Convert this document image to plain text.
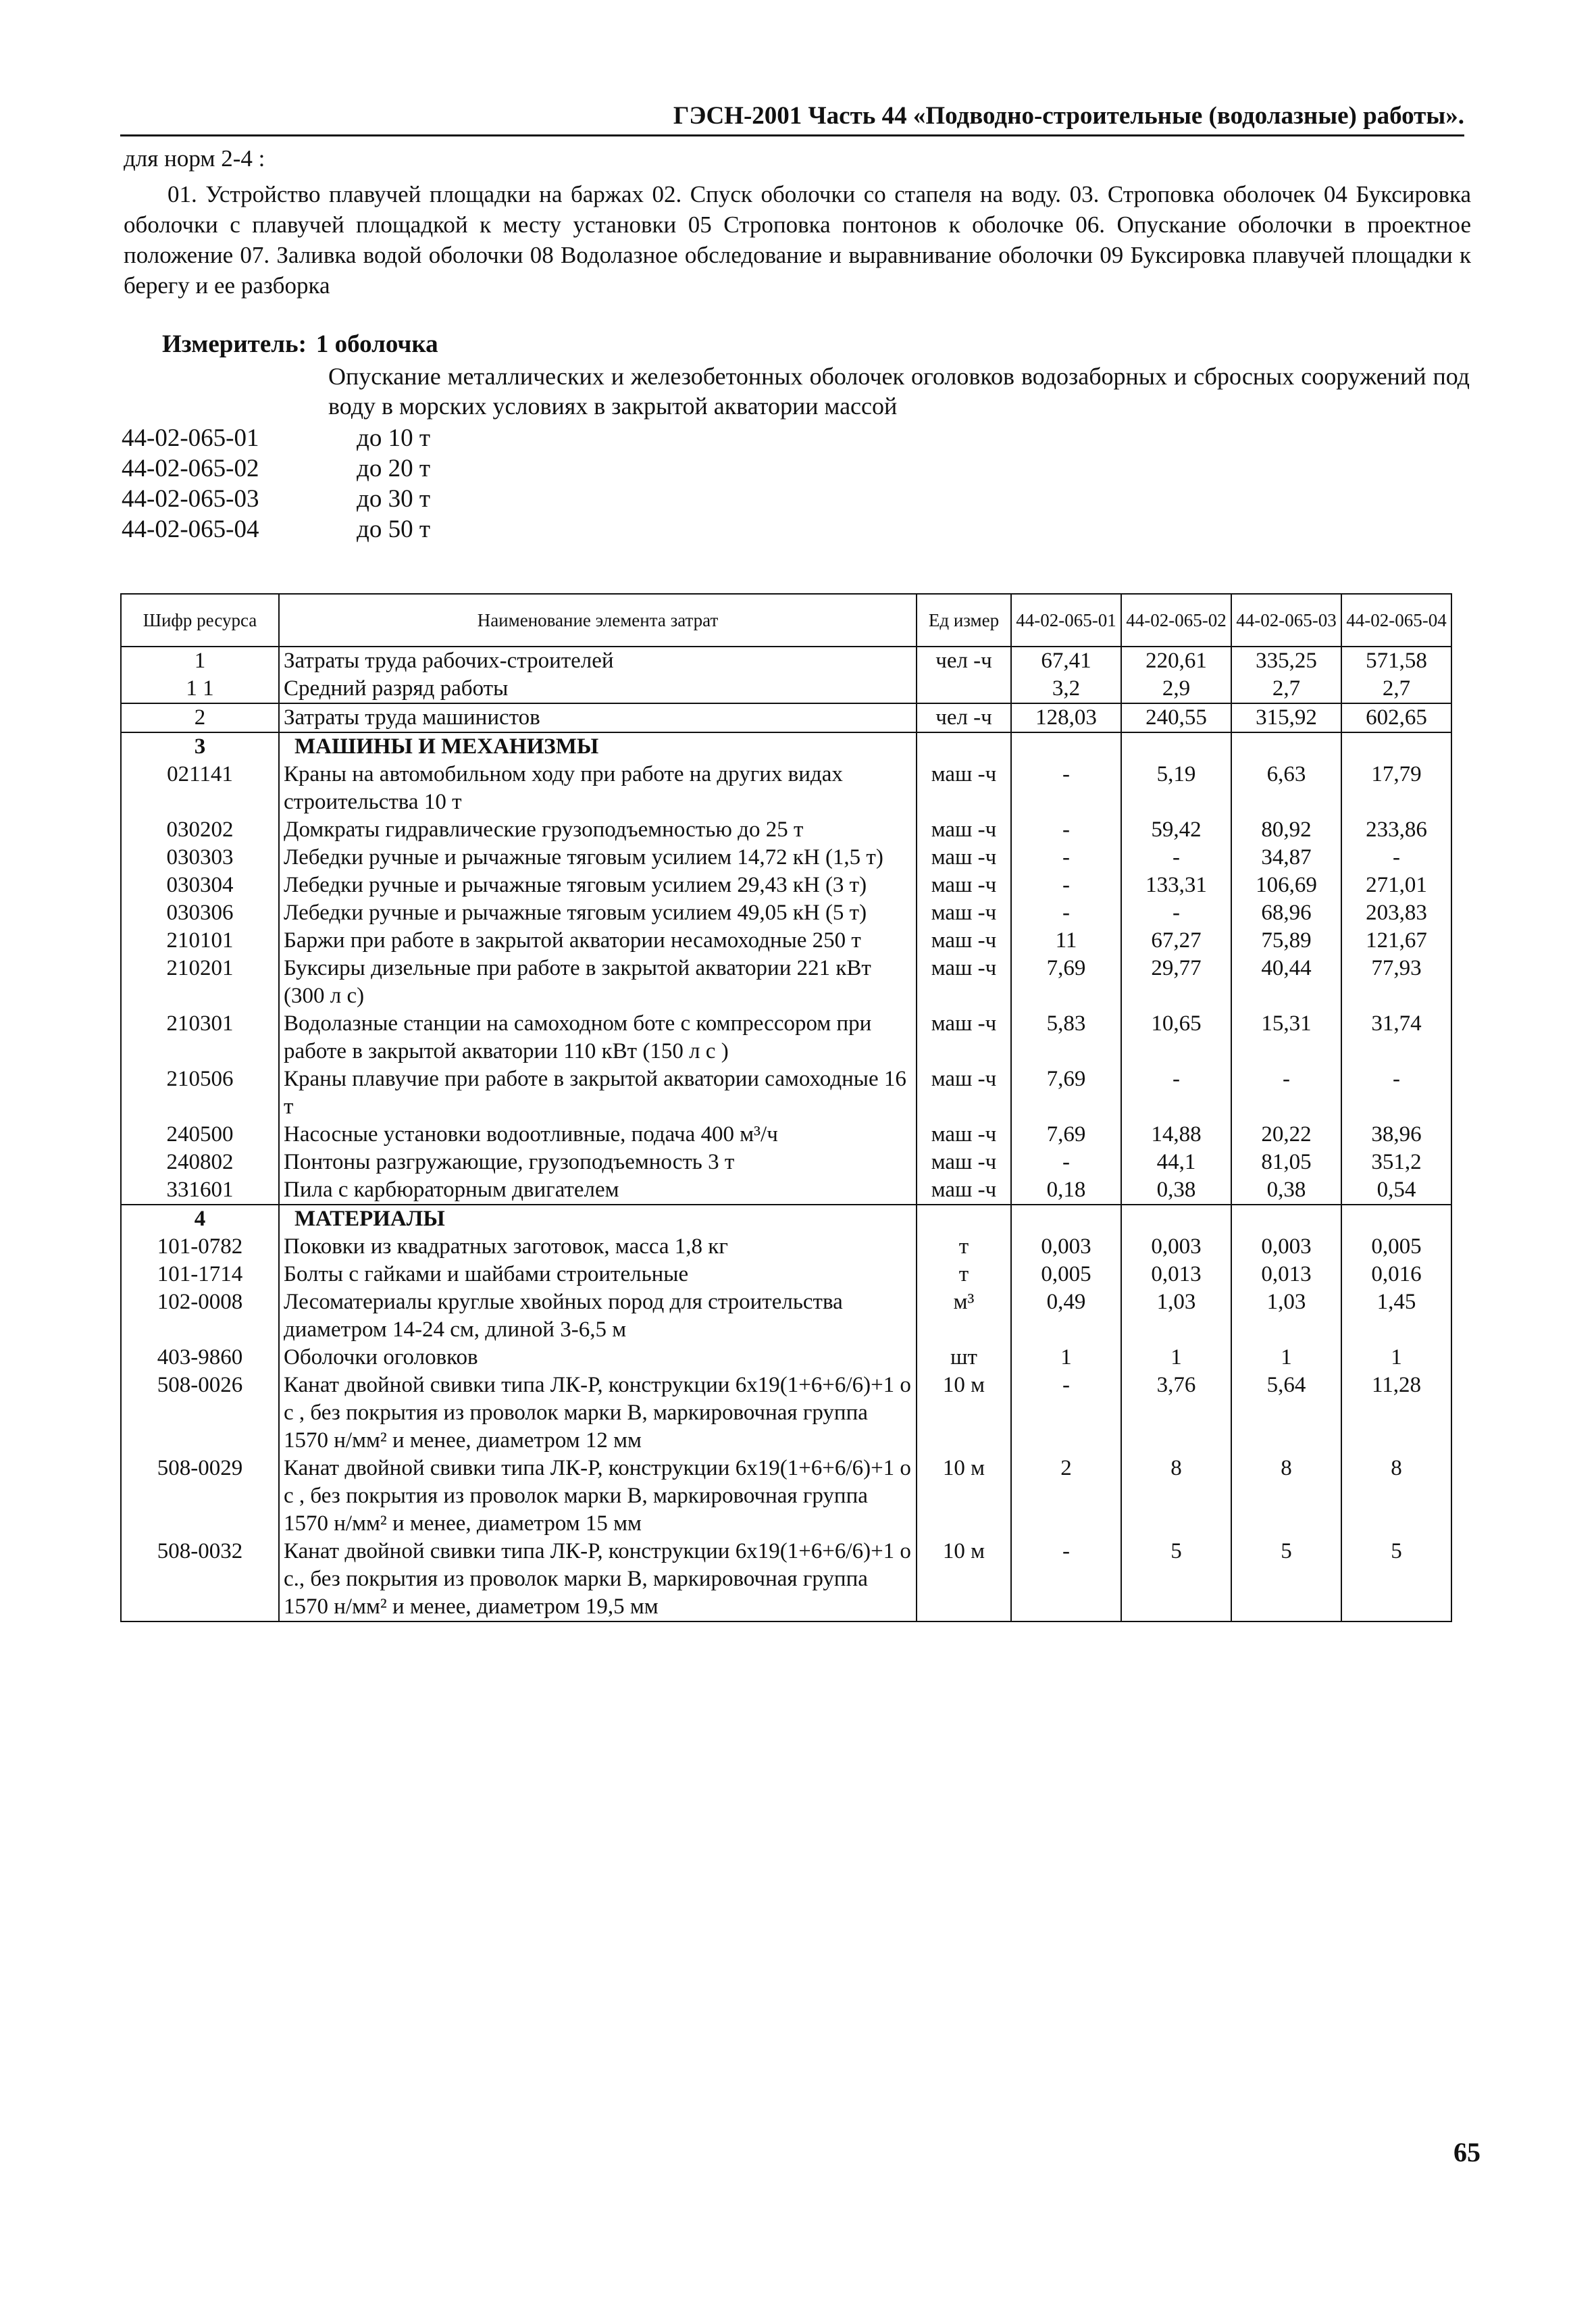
ГЭСН-2001 Часть 44 «Подводно-строительные (водолазные) работы».
для норм 2-4 :
01. Устройство плавучей площадки на баржах 02. Спуск оболочки со стапеля на воду. 03. Строповка оболочек 04 Буксировка оболочки с плавучей площадкой к месту установки 05 Строповка понтонов к оболочке 06. Опускание оболочки в проектное положение 07. Заливка водой оболочки 08 Водолазное обследование и выравнивание оболочки 09 Буксировка плавучей площадки к берегу и ее разборка
Измеритель: 1 оболочка
Опускание металлических и железобетонных оболочек оголовков водозаборных и сбросных сооружений под воду в морских условиях в закрытой акватории массой
44-02-065-01	до 10 т
44-02-065-02	до 20 т
44-02-065-03	до 30 т
44-02-065-04	до 50 т
Шифр ресурса	Наименование элемента затрат	Ед измер	44-02-065-01	44-02-065-02	44-02-065-03	44-02-065-04
1	Затраты труда рабочих-строителей	чел -ч	67,41	220,61	335,25	571,58
1 1	Средний разряд работы		3,2	2,9	2,7	2,7
2	Затраты труда машинистов	чел -ч	128,03	240,55	315,92	602,65
3	МАШИНЫ И МЕХАНИЗМЫ					
021141	Краны на автомобильном ходу при работе на других видах строительства 10 т	маш -ч	-	5,19	6,63	17,79
030202	Домкраты гидравлические грузоподъемностью до 25 т	маш -ч	-	59,42	80,92	233,86
030303	Лебедки ручные и рычажные тяговым усилием 14,72 кН (1,5 т)	маш -ч	-	-	34,87	-
030304	Лебедки ручные и рычажные тяговым усилием 29,43 кН (3 т)	маш -ч	-	133,31	106,69	271,01
030306	Лебедки ручные и рычажные тяговым усилием 49,05 кН (5 т)	маш -ч	-	-	68,96	203,83
210101	Баржи при работе в закрытой акватории несамоходные 250 т	маш -ч	11	67,27	75,89	121,67
210201	Буксиры дизельные при работе в закрытой акватории 221 кВт (300 л с)	маш -ч	7,69	29,77	40,44	77,93
210301	Водолазные станции на самоходном боте с компрессором при работе в закрытой акватории 110 кВт (150 л с )	маш -ч	5,83	10,65	15,31	31,74
210506	Краны плавучие при работе в закрытой акватории самоходные 16 т	маш -ч	7,69	-	-	-
240500	Насосные установки водоотливные, подача 400 м³/ч	маш -ч	7,69	14,88	20,22	38,96
240802	Понтоны разгружающие, грузоподъемность 3 т	маш -ч	-	44,1	81,05	351,2
331601	Пила с карбюраторным двигателем	маш -ч	0,18	0,38	0,38	0,54
4	МАТЕРИАЛЫ					
101-0782	Поковки из квадратных заготовок, масса 1,8 кг	т	0,003	0,003	0,003	0,005
101-1714	Болты с гайками и шайбами строительные	т	0,005	0,013	0,013	0,016
102-0008	Лесоматериалы круглые хвойных пород для строительства диаметром 14-24 см, длиной 3-6,5 м	м³	0,49	1,03	1,03	1,45
403-9860	Оболочки оголовков	шт	1	1	1	1
508-0026	Канат двойной свивки типа ЛК-Р, конструкции 6х19(1+6+6/6)+1 о с , без покрытия из проволок марки В, маркировочная группа 1570 н/мм² и менее, диаметром 12 мм	10 м	-	3,76	5,64	11,28
508-0029	Канат двойной свивки типа ЛК-Р, конструкции 6х19(1+6+6/6)+1 о с , без покрытия из проволок марки В, маркировочная группа 1570 н/мм² и менее, диаметром 15 мм	10 м	2	8	8	8
508-0032	Канат двойной свивки типа ЛК-Р, конструкции 6х19(1+6+6/6)+1 о с., без покрытия из проволок марки В, маркировочная группа 1570 н/мм² и менее, диаметром 19,5 мм	10 м	-	5	5	5
65
